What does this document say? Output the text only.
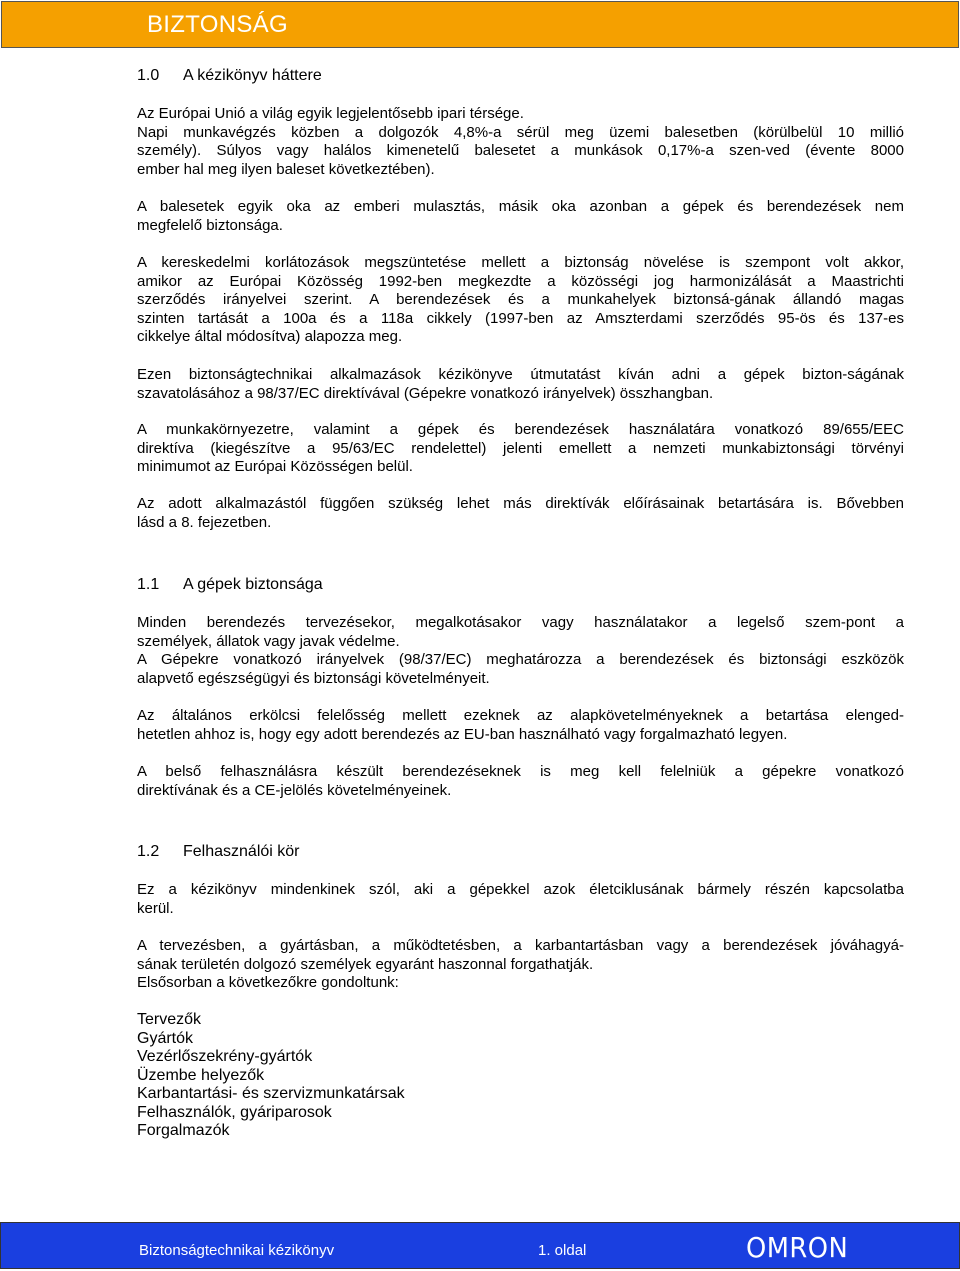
BIZTONSÁG
1.0 A kézikönyv háttere
Az Európai Unió a világ egyik legjelentősebb ipari térsége.
Napi munkavégzés közben a dolgozók 4,8%-a sérül meg üzemi balesetben (körülbelül 10 millió
személy). Súlyos vagy halálos kimenetelű balesetet a munkások 0,17%-a szen-ved (évente 8000
ember hal meg ilyen baleset következtében).
A balesetek egyik oka az emberi mulasztás, másik oka azonban a gépek és berendezések nem
megfelelő biztonsága.
A kereskedelmi korlátozások megszüntetése mellett a biztonság növelése is szempont volt akkor,
amikor az Európai Közösség 1992-ben megkezdte a közösségi jog harmonizálását a Maastrichti
szerződés irányelvei szerint. A berendezések és a munkahelyek biztonsá-gának állandó magas
szinten tartását a 100a és a 118a cikkely (1997-ben az Amszterdami szerződés 95-ös és 137-es
cikkelye által módosítva) alapozza meg.
Ezen biztonságtechnikai alkalmazások kézikönyve útmutatást kíván adni a gépek bizton-ságának
szavatolásához a 98/37/EC direktívával (Gépekre vonatkozó irányelvek) összhangban.
A munkakörnyezetre, valamint a gépek és berendezések használatára vonatkozó 89/655/EEC
direktíva (kiegészítve a 95/63/EC rendelettel) jelenti emellett a nemzeti munkabiztonsági törvényi
minimumot az Európai Közösségen belül.
Az adott alkalmazástól függően szükség lehet más direktívák előírásainak betartására is. Bővebben
lásd a 8. fejezetben.
1.1 A gépek biztonsága
Minden berendezés tervezésekor, megalkotásakor vagy használatakor a legelső szem-pont a
személyek, állatok vagy javak védelme.
A Gépekre vonatkozó irányelvek (98/37/EC) meghatározza a berendezések és biztonsági eszközök
alapvető egészségügyi és biztonsági követelményeit.
Az általános erkölcsi felelősség mellett ezeknek az alapkövetelményeknek a betartása elenged-
hetetlen ahhoz is, hogy egy adott berendezés az EU-ban használható vagy forgalmazható legyen.
A belső felhasználásra készült berendezéseknek is meg kell felelniük a gépekre vonatkozó
direktívának és a CE-jelölés követelményeinek.
1.2 Felhasználói kör
Ez a kézikönyv mindenkinek szól, aki a gépekkel azok életciklusának bármely részén kapcsolatba
kerül.
A tervezésben, a gyártásban, a működtetésben, a karbantartásban vagy a berendezések jóváhagyá-
sának területén dolgozó személyek egyaránt haszonnal forgathatják.
Elsősorban a következőkre gondoltunk:
Tervezők
Gyártók
Vezérlőszekrény-gyártók
Üzembe helyezők
Karbantartási- és szervizmunkatársak
Felhasználók, gyáriparosok
Forgalmazók
Biztonságtechnikai kézikönyv	1. oldal	OMRON
